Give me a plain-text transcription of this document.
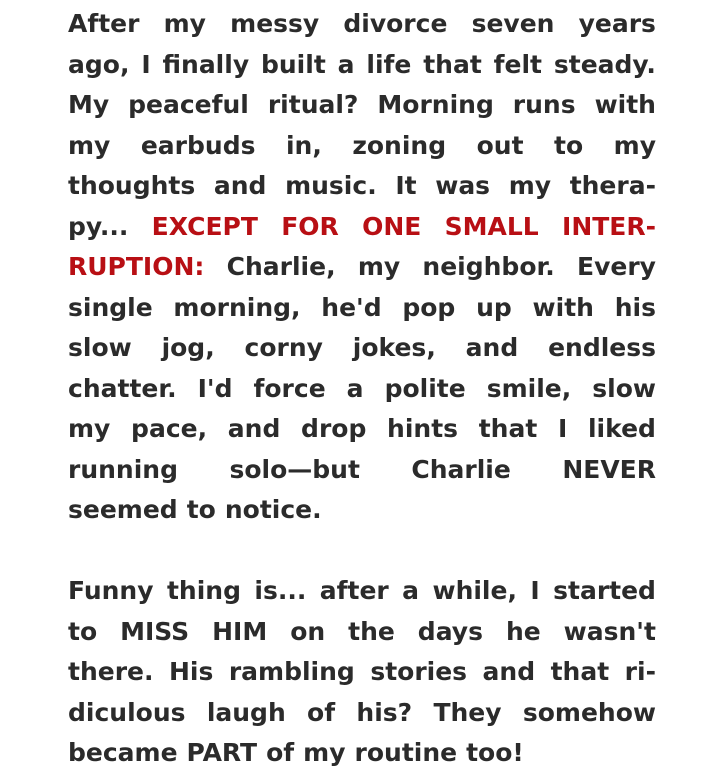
After my messy divorce seven years
ago, I finally built a life that felt steady.
My peaceful ritual? Morning runs with
my earbuds in, zoning out to my
thoughts and music. It was my thera-
py... EXCEPT FOR ONE SMALL INTER-
RUPTION: Charlie, my neighbor. Every
single morning, he'd pop up with his
slow jog, corny jokes, and endless
chatter. I'd force a polite smile, slow
my pace, and drop hints that I liked
running solo—but Charlie NEVER
seemed to notice.
Funny thing is... after a while, I started
to MISS HIM on the days he wasn't
there. His rambling stories and that ri-
diculous laugh of his? They somehow
became PART of my routine too!
